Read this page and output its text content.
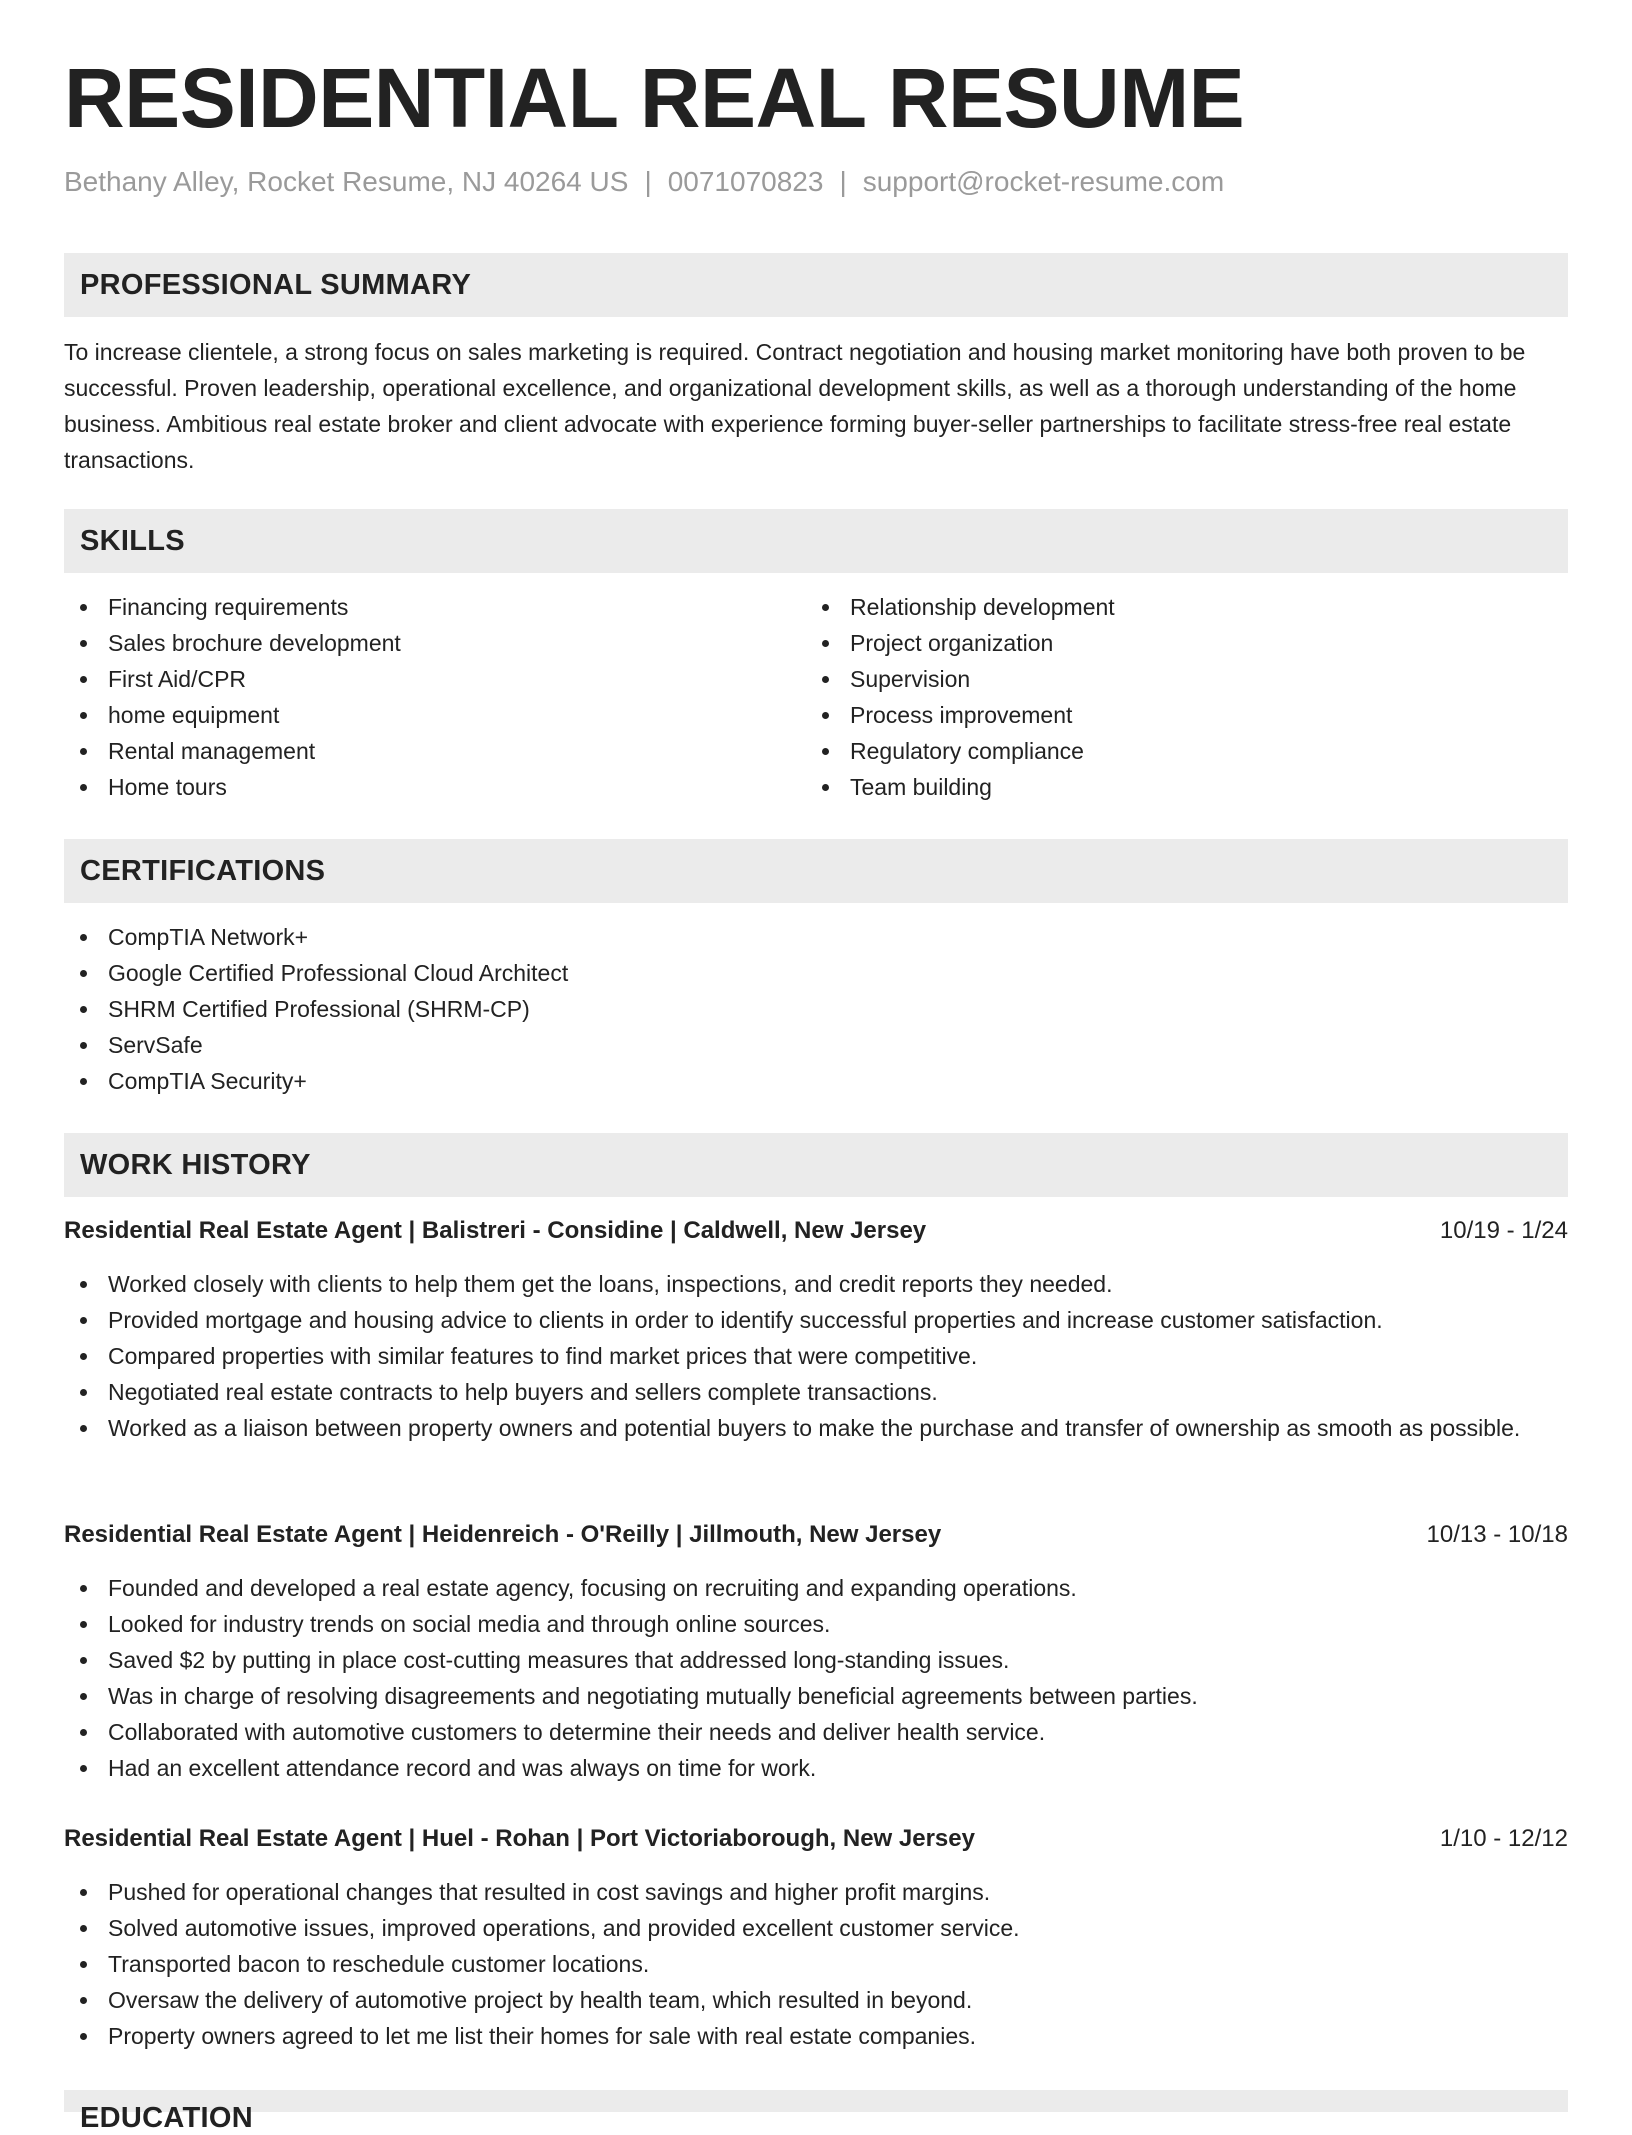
RESIDENTIAL REAL RESUME
Bethany Alley, Rocket Resume, NJ 40264 US | 0071070823 | support@rocket-resume.com
PROFESSIONAL SUMMARY

To increase clientele, a strong focus on sales marketing is required. Contract negotiation and housing market monitoring have both proven to be successful. Proven leadership, operational excellence, and organizational development skills, as well as a thorough understanding of the home business. Ambitious real estate broker and client advocate with experience forming buyer-seller partnerships to facilitate stress-free real estate transactions.

SKILLS
Financing requirements
Sales brochure development
First Aid/CPR
home equipment
Rental management
Home tours
Relationship development
Project organization
Supervision
Process improvement
Regulatory compliance
Team building
CERTIFICATIONS
CompTIA Network+
Google Certified Professional Cloud Architect
SHRM Certified Professional (SHRM-CP)
ServSafe
CompTIA Security+
WORK HISTORY
Residential Real Estate Agent | Balistreri - Considine | Caldwell, New Jersey	10/19 - 1/24
Worked closely with clients to help them get the loans, inspections, and credit reports they needed.
Provided mortgage and housing advice to clients in order to identify successful properties and increase customer satisfaction.
Compared properties with similar features to find market prices that were competitive.
Negotiated real estate contracts to help buyers and sellers complete transactions.
Worked as a liaison between property owners and potential buyers to make the purchase and transfer of ownership as smooth as possible.
Residential Real Estate Agent | Heidenreich - O'Reilly | Jillmouth, New Jersey	10/13 - 10/18
Founded and developed a real estate agency, focusing on recruiting and expanding operations.
Looked for industry trends on social media and through online sources.
Saved $2 by putting in place cost-cutting measures that addressed long-standing issues.
Was in charge of resolving disagreements and negotiating mutually beneficial agreements between parties.
Collaborated with automotive customers to determine their needs and deliver health service.
Had an excellent attendance record and was always on time for work.
Residential Real Estate Agent | Huel - Rohan | Port Victoriaborough, New Jersey	1/10 - 12/12
Pushed for operational changes that resulted in cost savings and higher profit margins.
Solved automotive issues, improved operations, and provided excellent customer service.
Transported bacon to reschedule customer locations.
Oversaw the delivery of automotive project by health team, which resulted in beyond.
Property owners agreed to let me list their homes for sale with real estate companies.
EDUCATION
